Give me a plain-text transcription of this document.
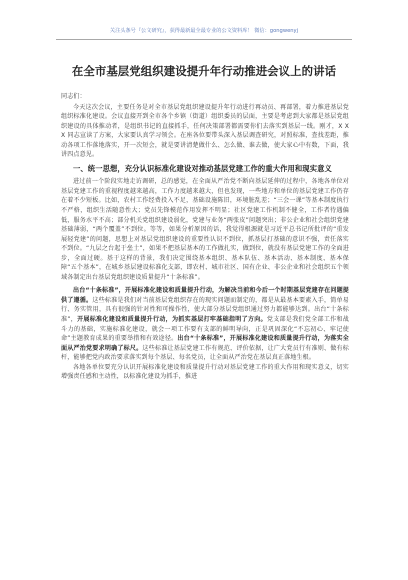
关注头条号『公文研究』，获得最新最全最专业的公文资料库！ 微信：gongwenyj
在全市基层党组织建设提升年行动推进会议上的讲话

同志们：

今天这次会议，主要任务是对全市基层党组织建设提升年行动进行再动员、再部署，着力推进基层党组织标准化建设。会议直接开到全市各个乡镇（街道）组织委员的层面，主要是考虑到大家都是基层党组织建设的具体推动者，是组织书记的直接抓手，任何决策部署都需要你们去落实到基层一线。刚才，X X X 同志宣读了方案，大家要认真学习领会。在座各位要带头深入基层调查研究，对照标准，查找差距，推动各项工作落地落实，开一次短会，就是要讲清楚做什么、怎么做、谁去做，使大家心中有数，下面，我讲四点意见。

一、统一思想，充分认识标准化建设对推动基层党建工作的重大作用和现实意义

进过前一个阶段实地走访调研，总的感觉，在全面从严治党不断向基层延伸的过程中，各地各单位对基层党建工作的重视程度越来越高，工作力度越来越大，但也发现，一些地方和单位的基层党建工作仍存在着不少短板。比如，农村工作经费投入不足，基础设施陈旧，环境脏乱差；“三会一课”等基本制度执行不严格，组织生活随意性大；党员先锋模范作用发挥不明显；社区党建工作机制不健全，工作者待遇偏低，服务水平不高；部分机关党组织建设弱化，党建与业务“两张皮”问题突出；非公企业和社会组织党建基础薄弱，“两个覆盖”不到位。等等，如果分析原因的话，我觉得根源就是习近平总书记所批评的“重发展轻党建”的问题，思想上对基层党组织建设的重要性认识不到位，抓基层打基础的意识不强，责任落实不到位。“九层之台起于垒土”，如果不把基层基本的工作做扎实，做到位，就没有基层党建工作的全面进步，全面过硬。基于这样的背景，我们决定围绕基本组织、基本队伍、基本活动、基本制度、基本保障“五个基本”，在城乡基层建设标准化支部，即农村、城市社区、国有企业、非公企业和社会组织五个领域各制定出台基层党组织建设质量提升“十条标准”。

出台“十条标准”，开展标准化建设和质量提升行动，为解决当前和今后一个时期基层党建存在问题提供了遵循。这些标准是我们对当前基层党组织存在的现实问题而制定的，都是从最基本要素入手，简单易行、务实管用，具有很强的针对性和可操作性，使大部分基层党组织通过努力都能够达到。出台“十条标准”，开展标准化建设和质量提升行动，为抓实基层打牢基础指明了方向。党支部是我们党全部工作和战斗力的基础，实施标准化建设，就会一项工作要有支部的鲜明导向，正是巩固深化“不忘初心、牢记使命”主题教育成果的重要举措和有效途径。出台“十条标准”，开展标准化建设和质量提升行动，为落实全面从严治党要求明确了标尺。这些标准让基层党建工作有规范、评价依据，让广大党员行有准则、做有标杆，能够把党内政治要求落实到每个基层、每名党员，让全面从严治党在基层真正落地生根。

各地各单位要充分认识开展标准化建设和质量提升行动对基层党建工作的重大作用和现实意义，切实增强责任感和主动性，以标准化建设为抓手，推进
